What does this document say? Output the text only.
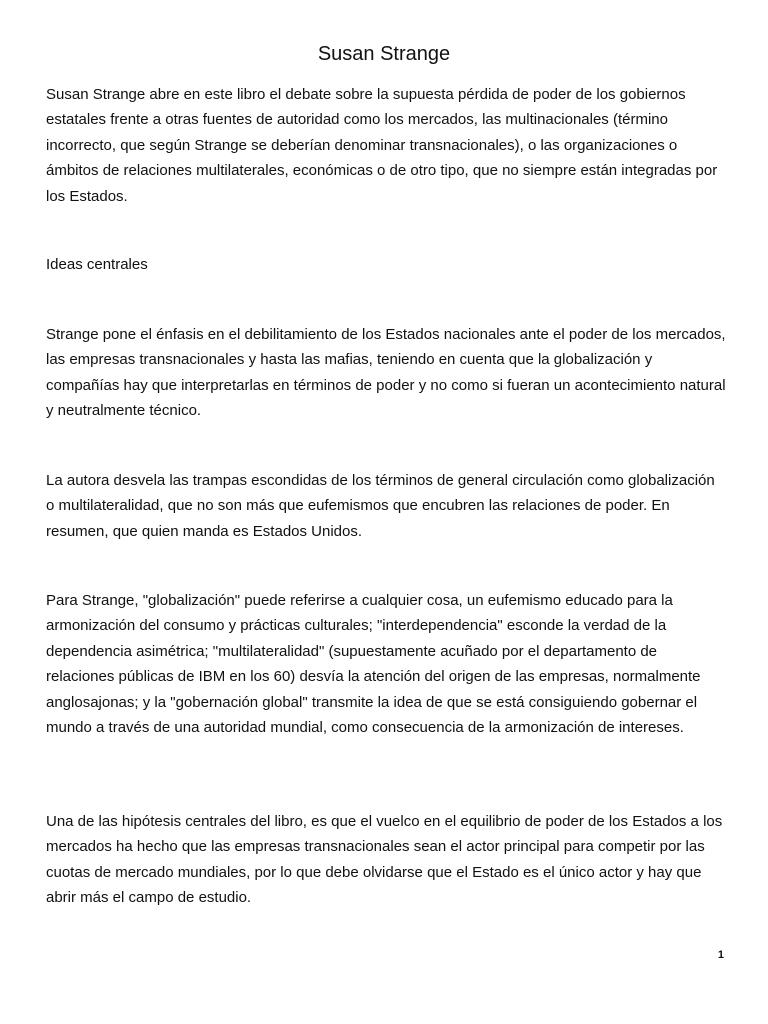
Susan Strange

Susan Strange abre en este libro el debate sobre la supuesta pérdida de poder de los gobiernos estatales frente a otras fuentes de autoridad como los mercados, las multinacionales (término incorrecto, que según Strange se deberían denominar transnacionales), o las organizaciones o ámbitos de relaciones multilaterales, económicas o de otro tipo, que no siempre están integradas por los Estados.

Ideas centrales

Strange pone el énfasis en el debilitamiento de los Estados nacionales ante el poder de los mercados, las empresas transnacionales y hasta las mafias, teniendo en cuenta que la globalización y compañías hay que interpretarlas en términos de poder y no como si fueran un acontecimiento natural y neutralmente técnico.

La autora desvela las trampas escondidas de los términos de general circulación como globalización o multilateralidad, que no son más que eufemismos que encubren las relaciones de poder. En resumen, que quien manda es Estados Unidos.

Para Strange, "globalización" puede referirse a cualquier cosa, un eufemismo educado para la armonización del consumo y prácticas culturales; "interdependencia" esconde la verdad de la dependencia asimétrica; "multilateralidad" (supuestamente acuñado por el departamento de relaciones públicas de IBM en los 60) desvía la atención del origen de las empresas, normalmente anglosajonas; y la "gobernación global" transmite la idea de que se está consiguiendo gobernar el mundo a través de una autoridad mundial, como consecuencia de la armonización de intereses.

Una de las hipótesis centrales del libro, es que el vuelco en el equilibrio de poder de los Estados a los mercados ha hecho que las empresas transnacionales sean el actor principal para competir por las cuotas de mercado mundiales, por lo que debe olvidarse que el Estado es el único actor y hay que abrir más el campo de estudio.

1
